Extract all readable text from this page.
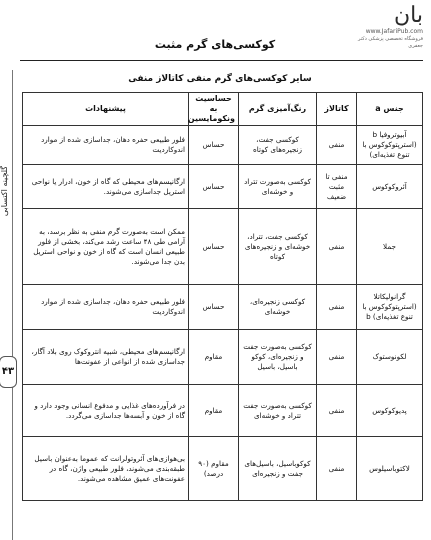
کوکسی‌های گرم مثبت
بان
www.JafariPub.com
فروشگاه تخصصی پزشکی دکتر جعفری
گلچینه اکتسابی
۴۳
سایر کوکسی‌های گرم منفی کاتالاز منفی
جنس a	کاتالاز	رنگ‌آمیزی گرم	حساسیت به ونکومایسین	پیشنهادات
آبیوتروفیا b (استرپتوکوکوس با تنوع تغذیه‌ای)	منفی	کوکسی جفت، زنجیره‌های کوتاه	حساس	فلور طبیعی حفره دهان، جداسازی شده از موارد اندوکاردیت
آئروکوکوس	منفی تا مثبت ضعیف	کوکسی به‌صورت تتراد و خوشه‌ای	حساس	ارگانیسم‌های محیطی که گاه از خون، ادرار یا نواحی استریل جداسازی می‌شوند.
جملا	منفی	کوکسی جفت، تتراد، خوشه‌ای و زنجیره‌های کوتاه	حساس	ممکن است به‌صورت گرم منفی به نظر برسد، به آرامی طی ۴۸ ساعت رشد می‌کند، بخشی از فلور طبیعی انسان است که گاه از خون و نواحی استریل بدن جدا می‌شوند.
گرانولیکاتلا (استرپتوکوکوس با تنوع تغذیه‌ای) b	منفی	کوکسی زنجیره‌ای، خوشه‌ای	حساس	فلور طبیعی حفره دهان، جداسازی شده از موارد اندوکاردیت
لکونوستوک	منفی	کوکسی به‌صورت جفت و زنجیره‌ای، کوکو باسیل، باسیل	مقاوم	ارگانیسم‌های محیطی، شبیه انتروکوک روی بلاد آگار، جداسازی شده از انواعی از عفونت‌ها
پدیوکوکوس	منفی	کوکسی به‌صورت جفت تتراد و خوشه‌ای	مقاوم	در فرآورده‌های غذایی و مدفوع انسانی وجود دارد و گاه از خون و آبسه‌ها جداسازی می‌گردد.
لاکتوباسیلوس	منفی	کوکوباسیل، باسیل‌های جفت و زنجیره‌ای	مقاوم (۹۰ درصد)	بی‌هوازی‌های آئروتولرانت که عموما به‌عنوان باسیل طبقه‌بندی می‌شوند، فلور طبیعی واژن، گاه در عفونت‌های عمیق مشاهده می‌شوند.
